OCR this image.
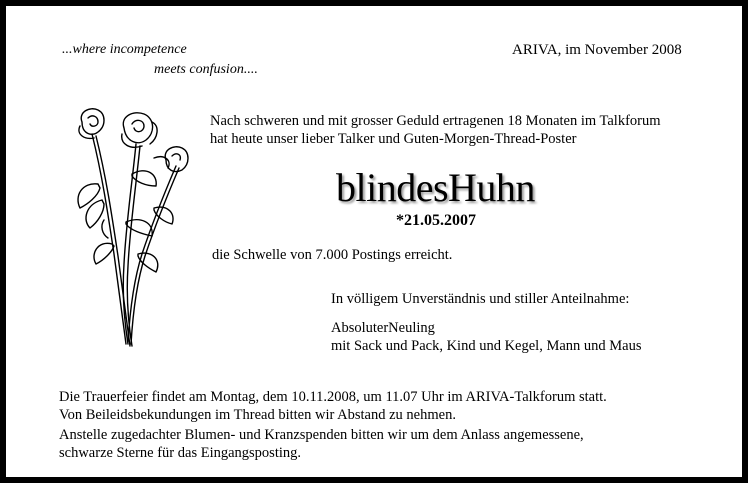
...where incompetence
meets confusion....
ARIVA, im November 2008
Nach schweren und mit grosser Geduld ertragenen 18 Monaten im Talkforum
hat heute unser lieber Talker und Guten-Morgen-Thread-Poster
blindesHuhn
*21.05.2007
die Schwelle von 7.000 Postings erreicht.
In völligem Unverständnis und stiller Anteilnahme:
AbsoluterNeuling
mit Sack und Pack, Kind und Kegel, Mann und Maus
Die Trauerfeier findet am Montag, dem 10.11.2008, um 11.07 Uhr im ARIVA-Talkforum statt.
Von Beileidsbekundungen im Thread bitten wir Abstand zu nehmen.
Anstelle zugedachter Blumen- und Kranzspenden bitten wir um dem Anlass angemessene,
schwarze Sterne für das Eingangsposting.
